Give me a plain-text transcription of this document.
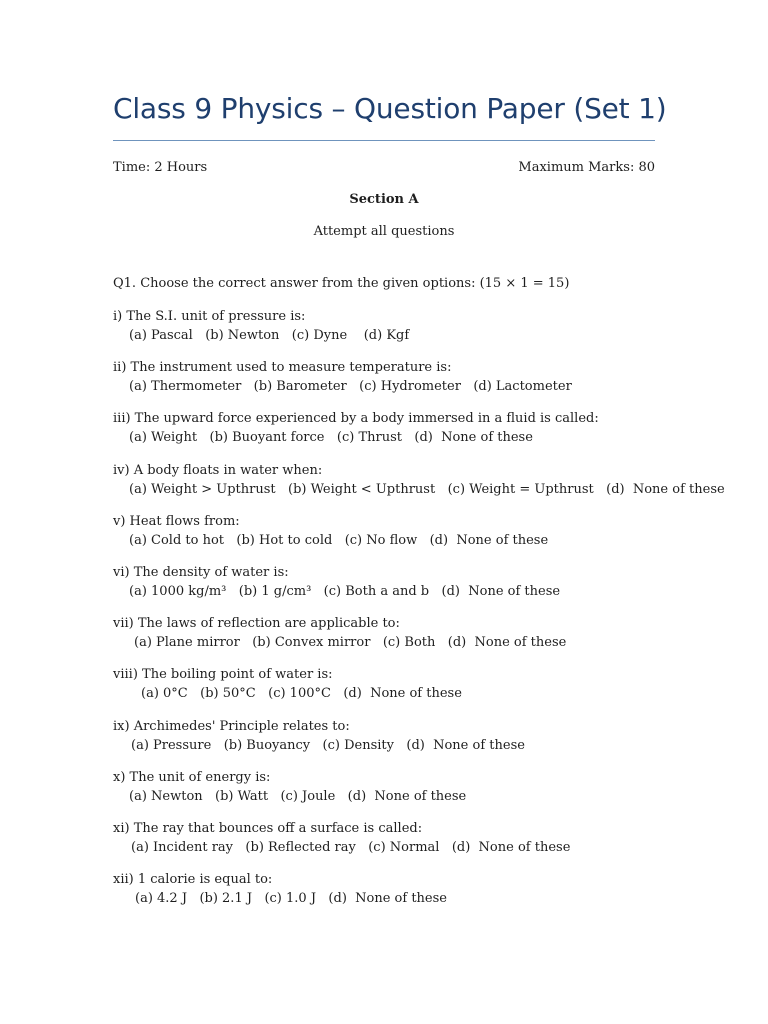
Class 9 Physics – Question Paper (Set 1)
Time: 2 Hours	Maximum Marks: 80
Section A
Attempt all questions
Q1. Choose the correct answer from the given options: (15 × 1 = 15)
i) The S.I. unit of pressure is:
(a) Pascal   (b) Newton   (c) Dyne    (d) Kgf
ii) The instrument used to measure temperature is:
(a) Thermometer   (b) Barometer   (c) Hydrometer   (d) Lactometer
iii) The upward force experienced by a body immersed in a fluid is called:
(a) Weight   (b) Buoyant force   (c) Thrust   (d)  None of these
iv) A body floats in water when:
(a) Weight > Upthrust   (b) Weight < Upthrust   (c) Weight = Upthrust   (d)  None of these
v) Heat flows from:
(a) Cold to hot   (b) Hot to cold   (c) No flow   (d)  None of these
vi) The density of water is:
(a) 1000 kg/m³   (b) 1 g/cm³   (c) Both a and b   (d)  None of these
vii) The laws of reflection are applicable to:
(a) Plane mirror   (b) Convex mirror   (c) Both   (d)  None of these
viii) The boiling point of water is:
(a) 0°C   (b) 50°C   (c) 100°C   (d)  None of these
ix) Archimedes' Principle relates to:
(a) Pressure   (b) Buoyancy   (c) Density   (d)  None of these
x) The unit of energy is:
(a) Newton   (b) Watt   (c) Joule   (d)  None of these
xi) The ray that bounces off a surface is called:
(a) Incident ray   (b) Reflected ray   (c) Normal   (d)  None of these
xii) 1 calorie is equal to:
(a) 4.2 J   (b) 2.1 J   (c) 1.0 J   (d)  None of these
